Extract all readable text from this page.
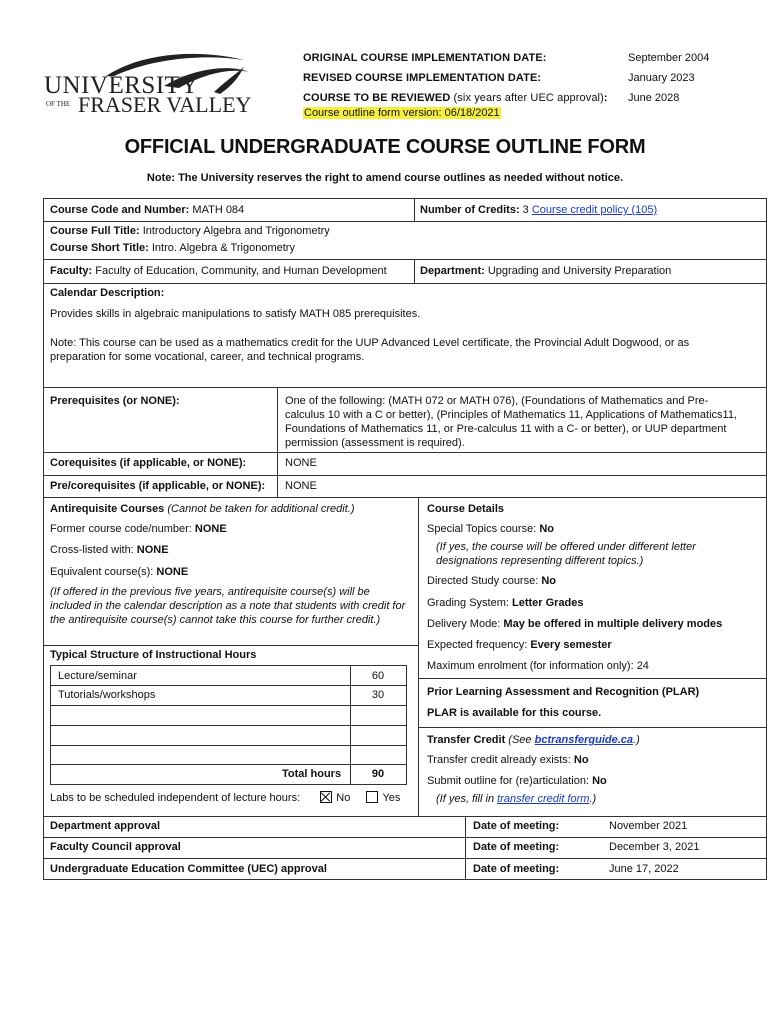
UNIVERSITY
OF THE FRASER VALLEY
ORIGINAL COURSE IMPLEMENTATION DATE:	September 2004
REVISED COURSE IMPLEMENTATION DATE:	January 2023
COURSE TO BE REVIEWED (six years after UEC approval): June 2028
Course outline form version: 06/18/2021
OFFICIAL UNDERGRADUATE COURSE OUTLINE FORM
Note: The University reserves the right to amend course outlines as needed without notice.
Course Code and Number: MATH 084	Number of Credits: 3 Course credit policy (105)
Course Full Title: Introductory Algebra and Trigonometry
Course Short Title: Intro. Algebra & Trigonometry
Faculty: Faculty of Education, Community, and Human Development	Department: Upgrading and University Preparation
Calendar Description:
Provides skills in algebraic manipulations to satisfy MATH 085 prerequisites.
Note: This course can be used as a mathematics credit for the UUP Advanced Level certificate, the Provincial Adult Dogwood, or as preparation for some vocational, career, and technical programs.
Prerequisites (or NONE):	One of the following: (MATH 072 or MATH 076), (Foundations of Mathematics and Pre-calculus 10 with a C or better), (Principles of Mathematics 11, Applications of Mathematics11, Foundations of Mathematics 11, or Pre-calculus 11 with a C- or better), or UUP department permission (assessment is required).
Corequisites (if applicable, or NONE):	NONE
Pre/corequisites (if applicable, or NONE): NONE
Antirequisite Courses (Cannot be taken for additional credit.)
Former course code/number: NONE
Cross-listed with: NONE
Equivalent course(s): NONE
(If offered in the previous five years, antirequisite course(s) will be included in the calendar description as a note that students with credit for the antirequisite course(s) cannot take this course for further credit.)
Typical Structure of Instructional Hours
Lecture/seminar	60
Tutorials/workshops	30
Total hours	90
Labs to be scheduled independent of lecture hours:	No	Yes
Course Details
Special Topics course: No
(If yes, the course will be offered under different letter designations representing different topics.)
Directed Study course: No
Grading System: Letter Grades
Delivery Mode: May be offered in multiple delivery modes
Expected frequency: Every semester
Maximum enrolment (for information only): 24
Prior Learning Assessment and Recognition (PLAR)
PLAR is available for this course.
Transfer Credit (See bctransferguide.ca.)
Transfer credit already exists: No
Submit outline for (re)articulation: No
(If yes, fill in transfer credit form.)
Department approval	Date of meeting:	November 2021
Faculty Council approval	Date of meeting:	December 3, 2021
Undergraduate Education Committee (UEC) approval	Date of meeting:	June 17, 2022
